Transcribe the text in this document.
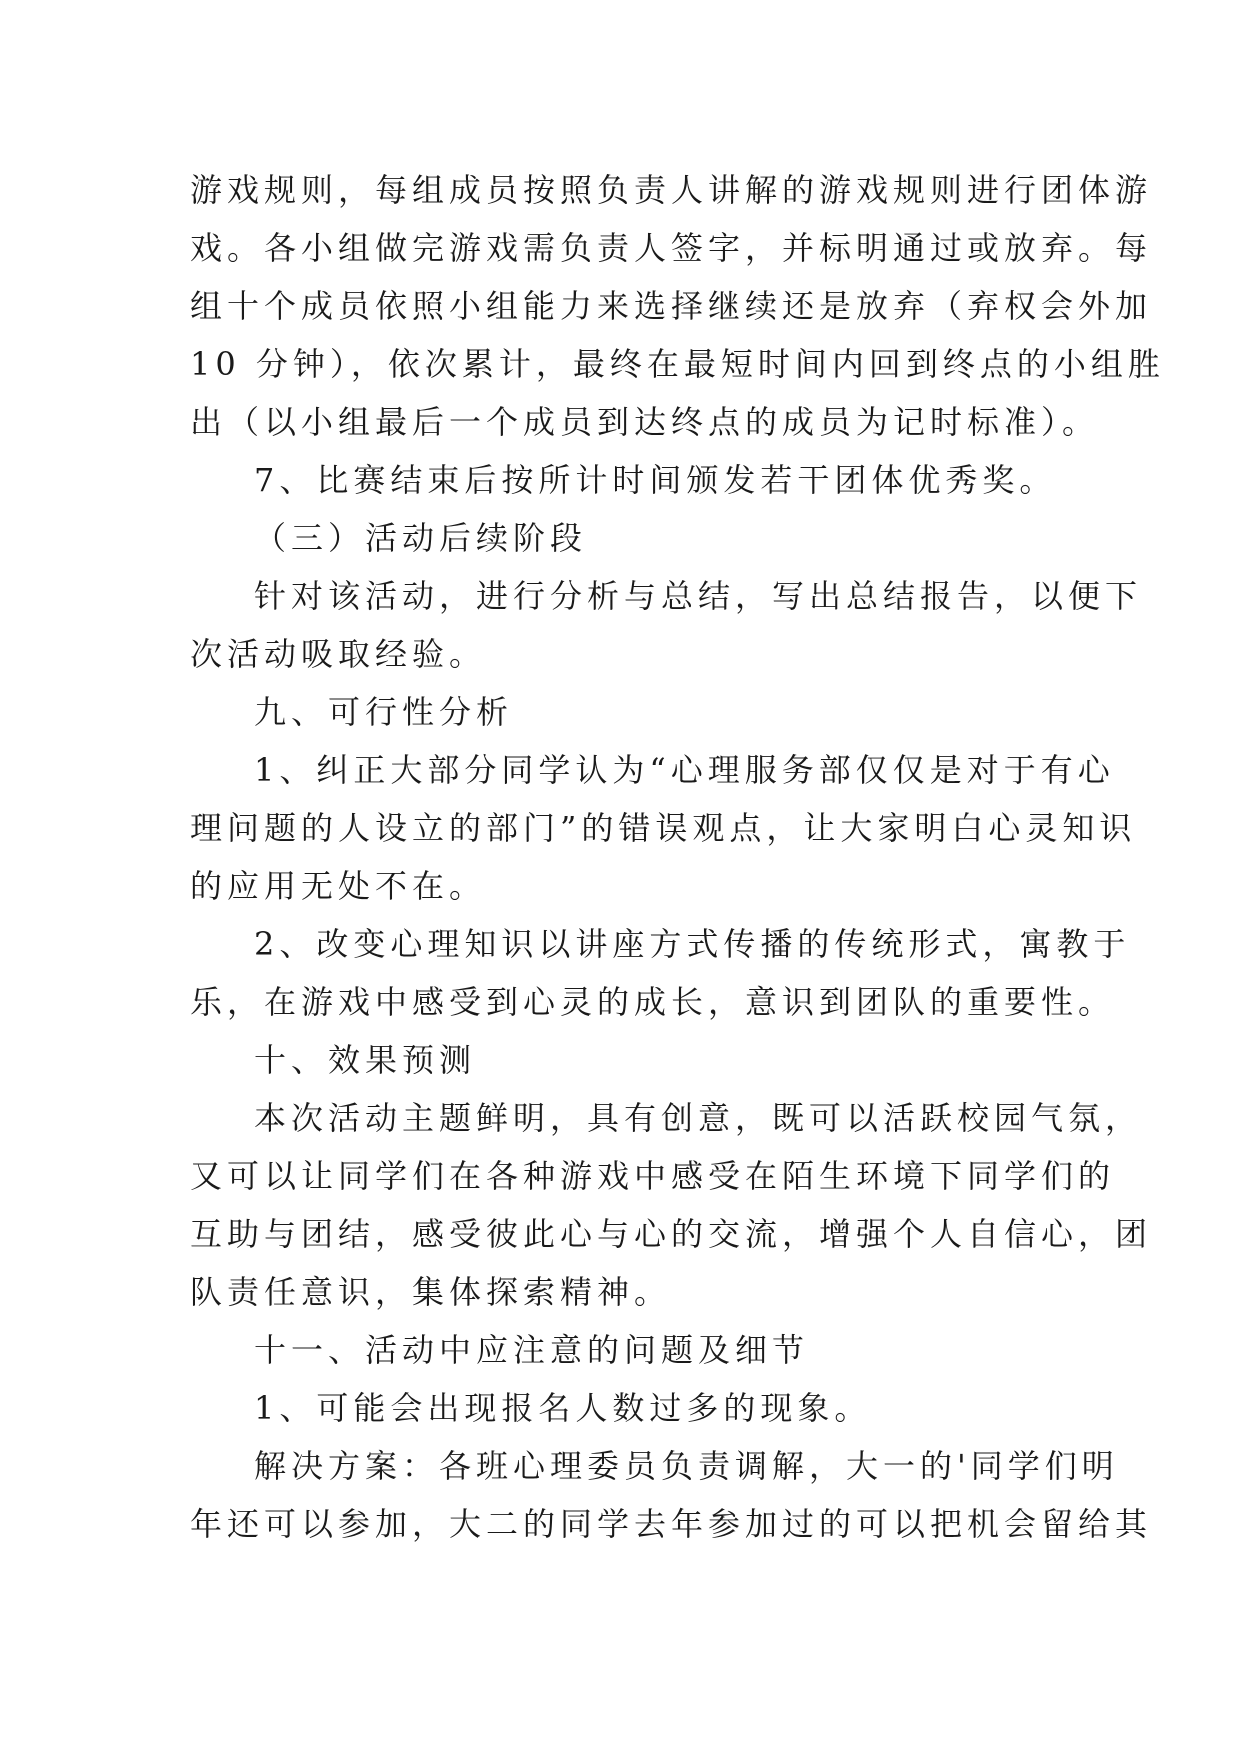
游戏规则，每组成员按照负责人讲解的游戏规则进行团体游
戏。各小组做完游戏需负责人签字，并标明通过或放弃。每
组十个成员依照小组能力来选择继续还是放弃（弃权会外加
10 分钟），依次累计，最终在最短时间内回到终点的小组胜
出（以小组最后一个成员到达终点的成员为记时标准）。
7、比赛结束后按所计时间颁发若干团体优秀奖。
（三）活动后续阶段
针对该活动，进行分析与总结，写出总结报告，以便下
次活动吸取经验。
九、可行性分析
1、纠正大部分同学认为“心理服务部仅仅是对于有心
理问题的人设立的部门”的错误观点，让大家明白心灵知识
的应用无处不在。
2、改变心理知识以讲座方式传播的传统形式，寓教于
乐，在游戏中感受到心灵的成长，意识到团队的重要性。
十、效果预测
本次活动主题鲜明，具有创意，既可以活跃校园气氛，
又可以让同学们在各种游戏中感受在陌生环境下同学们的
互助与团结，感受彼此心与心的交流，增强个人自信心，团
队责任意识，集体探索精神。
十一、活动中应注意的问题及细节
1、可能会出现报名人数过多的现象。
解决方案：各班心理委员负责调解，大一的'同学们明
年还可以参加，大二的同学去年参加过的可以把机会留给其
